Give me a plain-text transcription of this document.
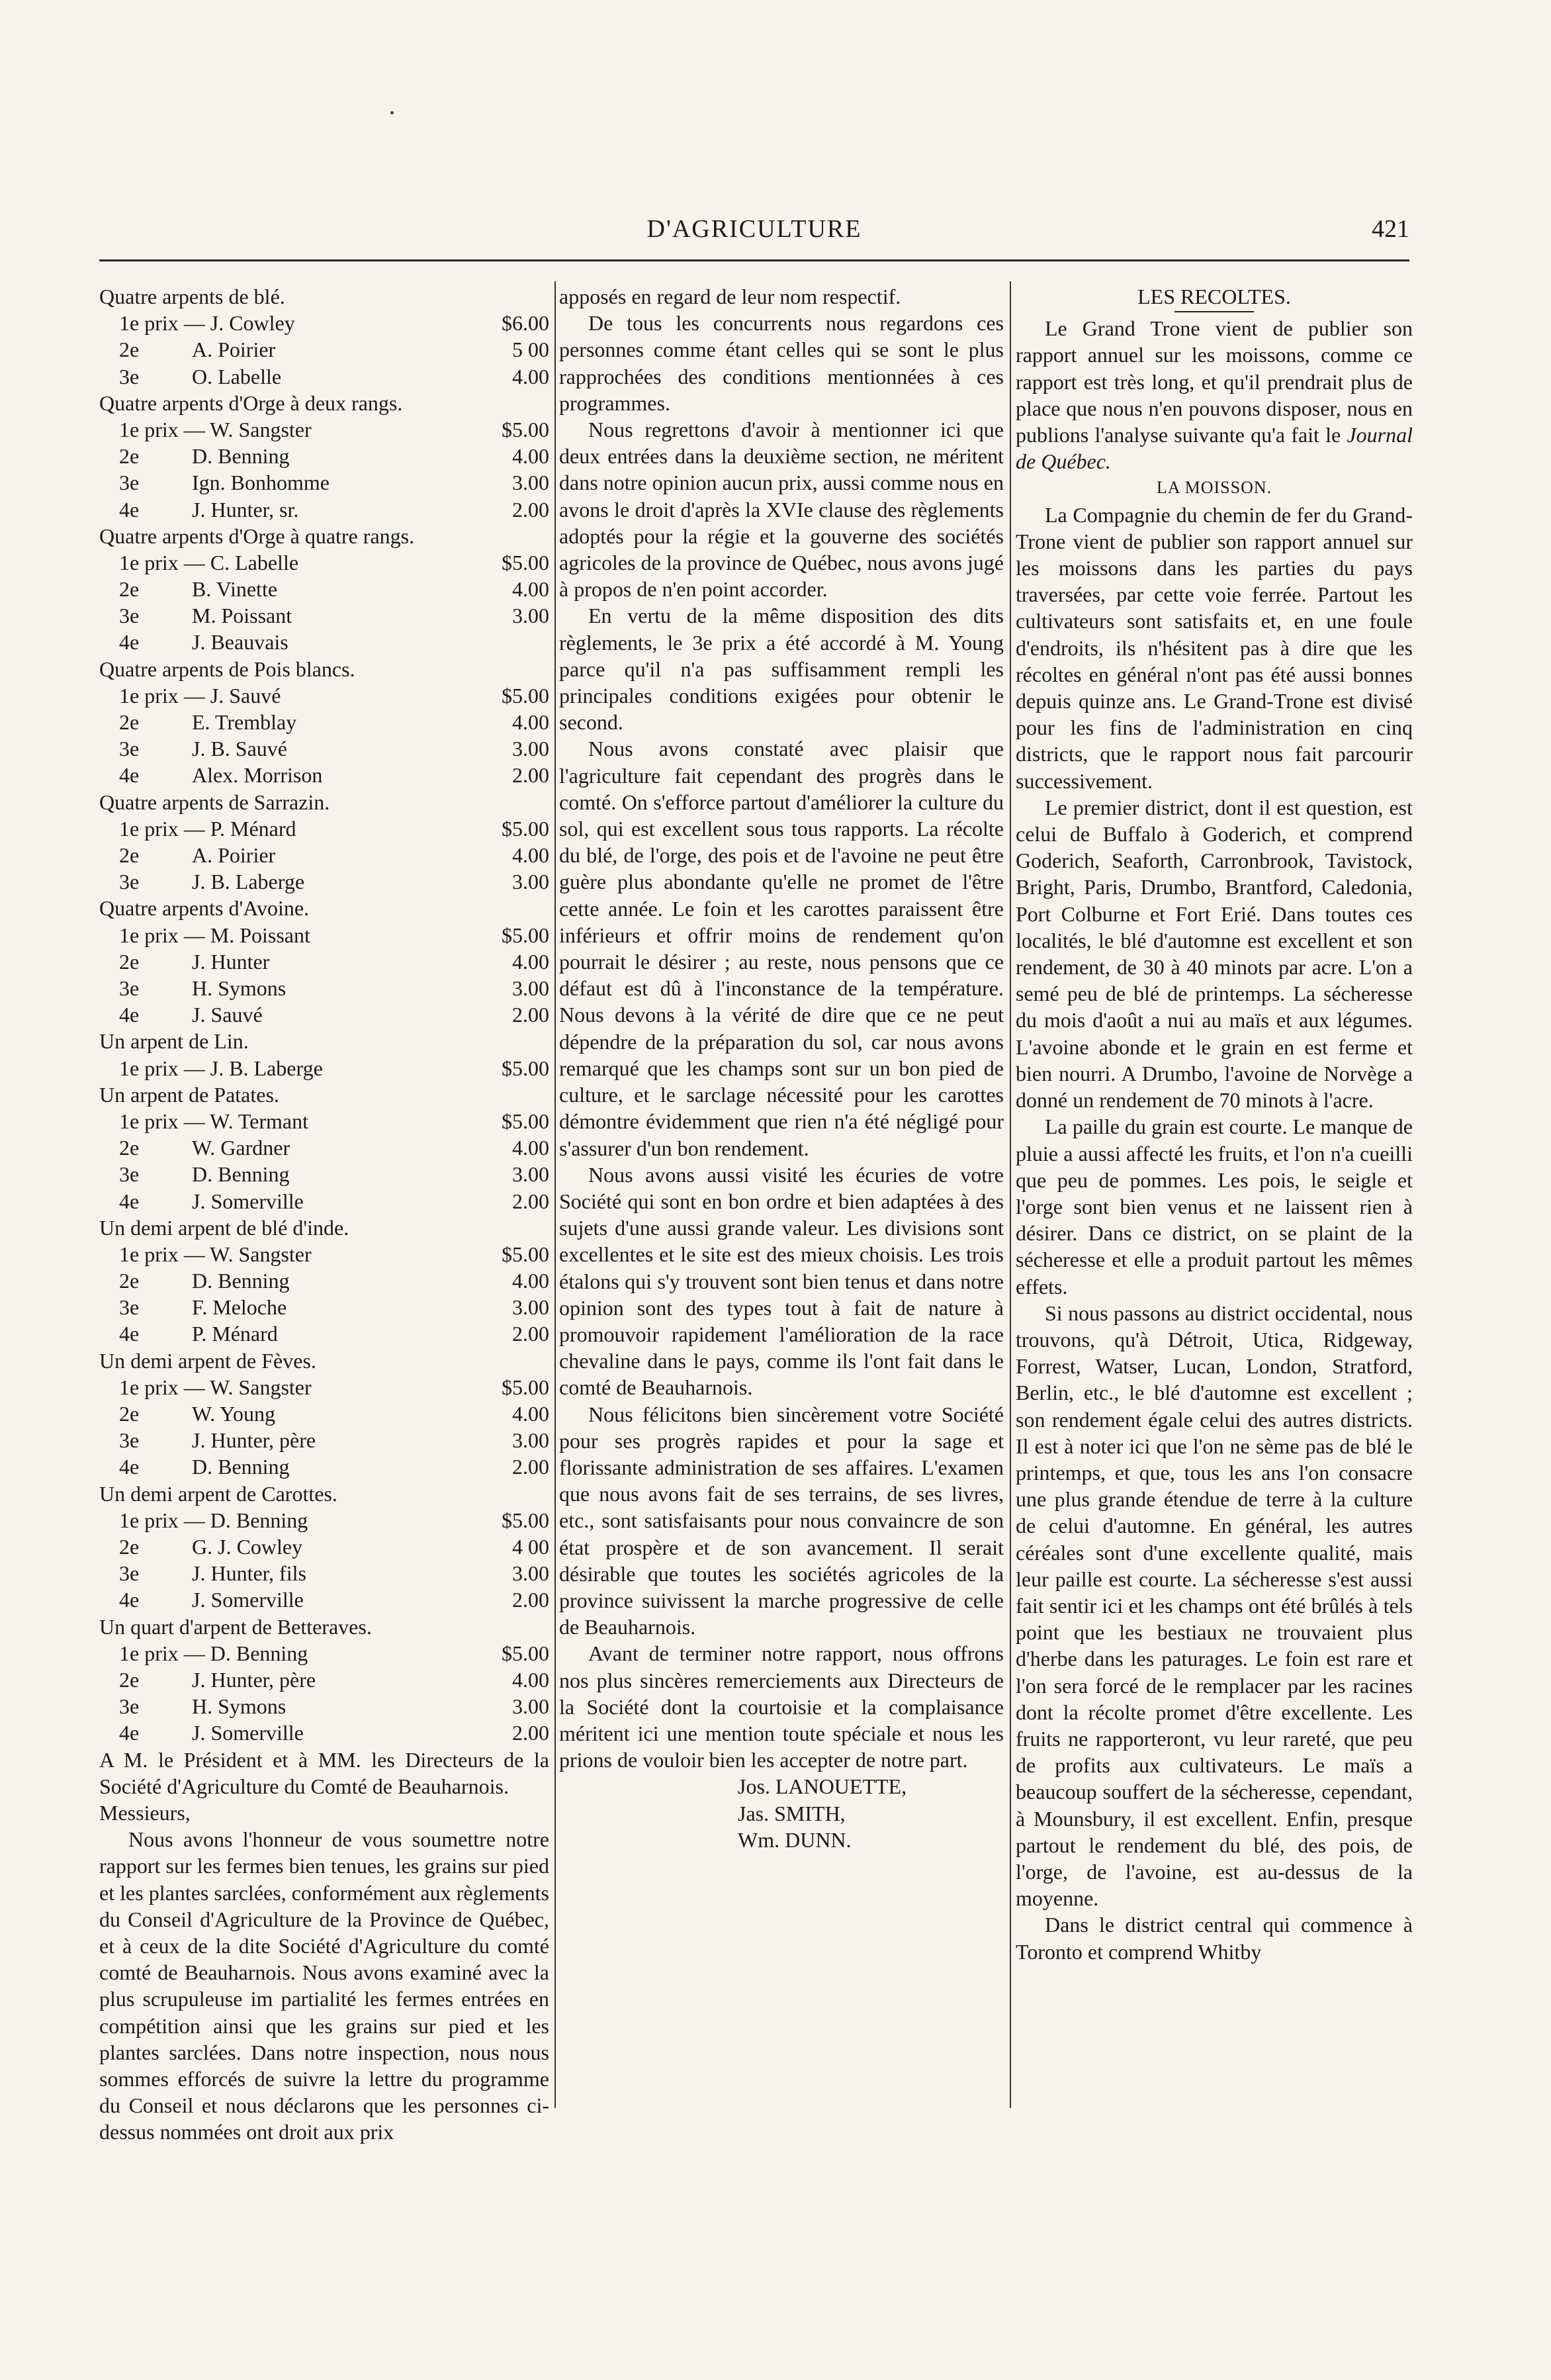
D'AGRICULTURE	421

Quatre arpents de blé.

1e prix — J. Cowley	$6.00
2e A. Poirier	5 00
3e O. Labelle	4.00

Quatre arpents d'Orge à deux rangs.

1e prix — W. Sangster	$5.00
2e D. Benning	4.00
3e Ign. Bonhomme	3.00
4e J. Hunter, sr.	2.00

Quatre arpents d'Orge à quatre rangs.

1e prix — C. Labelle	$5.00
2e B. Vinette	4.00
3e M. Poissant	3.00
4e J. Beauvais

Quatre arpents de Pois blancs.

1e prix — J. Sauvé	$5.00
2e E. Tremblay	4.00
3e J. B. Sauvé	3.00
4e Alex. Morrison	2.00

Quatre arpents de Sarrazin.

1e prix — P. Ménard	$5.00
2e A. Poirier	4.00
3e J. B. Laberge	3.00

Quatre arpents d'Avoine.

1e prix — M. Poissant	$5.00
2e J. Hunter	4.00
3e H. Symons	3.00
4e J. Sauvé	2.00

Un arpent de Lin.

1e prix — J. B. Laberge	$5.00

Un arpent de Patates.

1e prix — W. Termant	$5.00
2e W. Gardner	4.00
3e D. Benning	3.00
4e J. Somerville	2.00

Un demi arpent de blé d'inde.

1e prix — W. Sangster	$5.00
2e D. Benning	4.00
3e F. Meloche	3.00
4e P. Ménard	2.00

Un demi arpent de Fèves.

1e prix — W. Sangster	$5.00
2e W. Young	4.00
3e J. Hunter, père	3.00
4e D. Benning	2.00

Un demi arpent de Carottes.

1e prix — D. Benning	$5.00
2e G. J. Cowley	4 00
3e J. Hunter, fils	3.00
4e J. Somerville	2.00

Un quart d'arpent de Betteraves.

1e prix — D. Benning	$5.00
2e J. Hunter, père	4.00
3e H. Symons	3.00
4e J. Somerville	2.00

A M. le Président et à MM. les Directeurs de la Société d'Agriculture du Comté de Beauharnois.

Messieurs,

Nous avons l'honneur de vous soumettre notre rapport sur les fermes bien tenues, les grains sur pied et les plantes sarclées, conformément aux règlements du Conseil d'Agriculture de la Province de Québec, et à ceux de la dite Société d'Agriculture du comté comté de Beauharnois. Nous avons examiné avec la plus scrupuleuse im partialité les fermes entrées en compétition ainsi que les grains sur pied et les plantes sarclées. Dans notre inspection, nous nous sommes efforcés de suivre la lettre du programme du Conseil et nous déclarons que les personnes ci-dessus nommées ont droit aux prix

apposés en regard de leur nom respectif.

De tous les concurrents nous regardons ces personnes comme étant celles qui se sont le plus rapprochées des conditions mentionnées à ces programmes.

Nous regrettons d'avoir à mentionner ici que deux entrées dans la deuxième section, ne méritent dans notre opinion aucun prix, aussi comme nous en avons le droit d'après la XVIe clause des règlements adoptés pour la régie et la gouverne des sociétés agricoles de la province de Québec, nous avons jugé à propos de n'en point accorder.

En vertu de la même disposition des dits règlements, le 3e prix a été accordé à M. Young parce qu'il n'a pas suffisamment rempli les principales conditions exigées pour obtenir le second.

Nous avons constaté avec plaisir que l'agriculture fait cependant des progrès dans le comté. On s'efforce partout d'améliorer la culture du sol, qui est excellent sous tous rapports. La récolte du blé, de l'orge, des pois et de l'avoine ne peut être guère plus abondante qu'elle ne promet de l'être cette année. Le foin et les carottes paraissent être inférieurs et offrir moins de rendement qu'on pourrait le désirer ; au reste, nous pensons que ce défaut est dû à l'inconstance de la température. Nous devons à la vérité de dire que ce ne peut dépendre de la préparation du sol, car nous avons remarqué que les champs sont sur un bon pied de culture, et le sarclage nécessité pour les carottes démontre évidemment que rien n'a été négligé pour s'assurer d'un bon rendement.

Nous avons aussi visité les écuries de votre Société qui sont en bon ordre et bien adaptées à des sujets d'une aussi grande valeur. Les divisions sont excellentes et le site est des mieux choisis. Les trois étalons qui s'y trouvent sont bien tenus et dans notre opinion sont des types tout à fait de nature à promouvoir rapidement l'amélioration de la race chevaline dans le pays, comme ils l'ont fait dans le comté de Beauharnois.

Nous félicitons bien sincèrement votre Société pour ses progrès rapides et pour la sage et florissante administration de ses affaires. L'examen que nous avons fait de ses terrains, de ses livres, etc., sont satisfaisants pour nous convaincre de son état prospère et de son avancement. Il serait désirable que toutes les sociétés agricoles de la province suivissent la marche progressive de celle de Beauharnois.

Avant de terminer notre rapport, nous offrons nos plus sincères remerciements aux Directeurs de la Société dont la courtoisie et la complaisance méritent ici une mention toute spéciale et nous les prions de vouloir bien les accepter de notre part.

Jos. LANOUETTE,

Jas. SMITH,

Wm. DUNN.

LES RECOLTES.

Le Grand Trone vient de publier son rapport annuel sur les moissons, comme ce rapport est très long, et qu'il prendrait plus de place que nous n'en pouvons disposer, nous en publions l'analyse suivante qu'a fait le Journal de Québec.

LA MOISSON.

La Compagnie du chemin de fer du Grand-Trone vient de publier son rapport annuel sur les moissons dans les parties du pays traversées, par cette voie ferrée. Partout les cultivateurs sont satisfaits et, en une foule d'endroits, ils n'hésitent pas à dire que les récoltes en général n'ont pas été aussi bonnes depuis quinze ans. Le Grand-Trone est divisé pour les fins de l'administration en cinq districts, que le rapport nous fait parcourir successivement.

Le premier district, dont il est question, est celui de Buffalo à Goderich, et comprend Goderich, Seaforth, Carronbrook, Tavistock, Bright, Paris, Drumbo, Brantford, Caledonia, Port Colburne et Fort Erié. Dans toutes ces localités, le blé d'automne est excellent et son rendement, de 30 à 40 minots par acre. L'on a semé peu de blé de printemps. La sécheresse du mois d'août a nui au maïs et aux légumes. L'avoine abonde et le grain en est ferme et bien nourri. A Drumbo, l'avoine de Norvège a donné un rendement de 70 minots à l'acre.

La paille du grain est courte. Le manque de pluie a aussi affecté les fruits, et l'on n'a cueilli que peu de pommes. Les pois, le seigle et l'orge sont bien venus et ne laissent rien à désirer. Dans ce district, on se plaint de la sécheresse et elle a produit partout les mêmes effets.

Si nous passons au district occidental, nous trouvons, qu'à Détroit, Utica, Ridgeway, Forrest, Watser, Lucan, London, Stratford, Berlin, etc., le blé d'automne est excellent ; son rendement égale celui des autres districts. Il est à noter ici que l'on ne sème pas de blé le printemps, et que, tous les ans l'on consacre une plus grande étendue de terre à la culture de celui d'automne. En général, les autres céréales sont d'une excellente qualité, mais leur paille est courte. La sécheresse s'est aussi fait sentir ici et les champs ont été brûlés à tels point que les bestiaux ne trouvaient plus d'herbe dans les paturages. Le foin est rare et l'on sera forcé de le remplacer par les racines dont la récolte promet d'être excellente. Les fruits ne rapporteront, vu leur rareté, que peu de profits aux cultivateurs. Le maïs a beaucoup souffert de la sécheresse, cependant, à Mounsbury, il est excellent. Enfin, presque partout le rendement du blé, des pois, de l'orge, de l'avoine, est au-dessus de la moyenne.

Dans le district central qui commence à Toronto et comprend Whitby
